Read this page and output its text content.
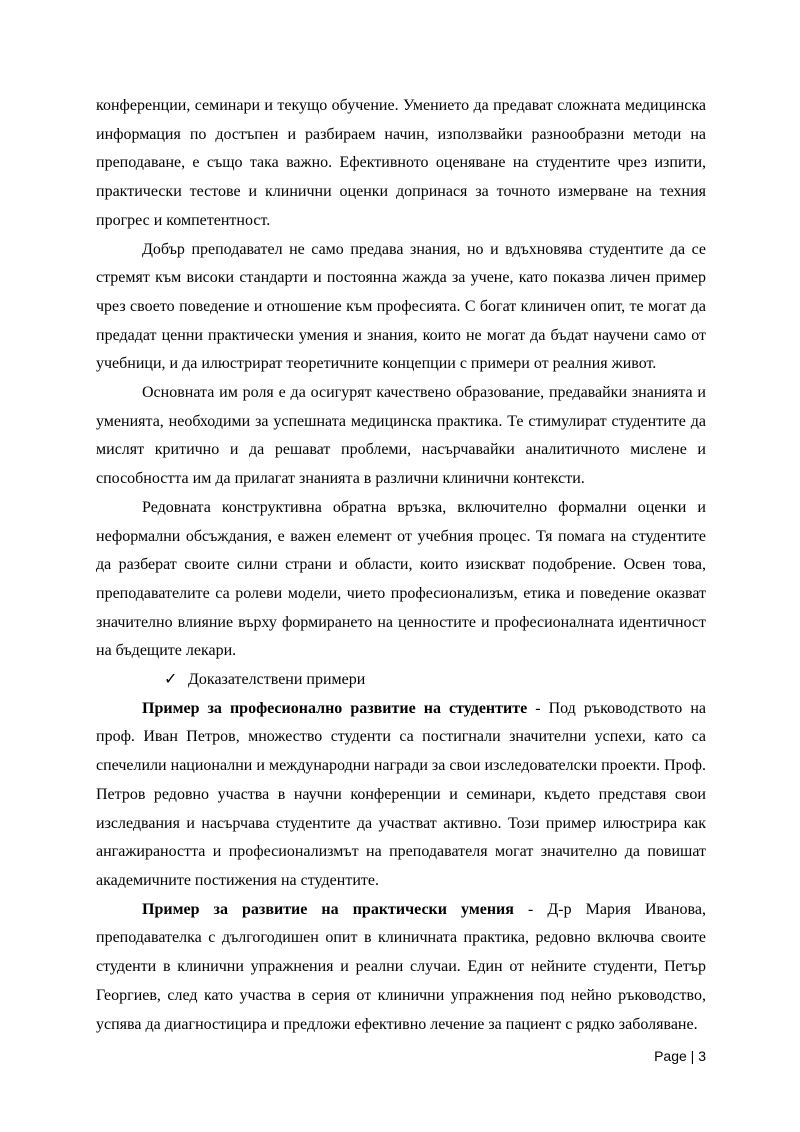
конференции, семинари и текущо обучение. Умението да предават сложната медицинска информация по достъпен и разбираем начин, използвайки разнообразни методи на преподаване, е също така важно. Ефективното оценяване на студентите чрез изпити, практически тестове и клинични оценки допринася за точното измерване на техния прогрес и компетентност.

Добър преподавател не само предава знания, но и вдъхновява студентите да се стремят към високи стандарти и постоянна жажда за учене, като показва личен пример чрез своето поведение и отношение към професията. С богат клиничен опит, те могат да предадат ценни практически умения и знания, които не могат да бъдат научени само от учебници, и да илюстрират теоретичните концепции с примери от реалния живот.

Основната им роля е да осигурят качествено образование, предавайки знанията и уменията, необходими за успешната медицинска практика. Те стимулират студентите да мислят критично и да решават проблеми, насърчавайки аналитичното мислене и способността им да прилагат знанията в различни клинични контексти.

Редовната конструктивна обратна връзка, включително формални оценки и неформални обсъждания, е важен елемент от учебния процес. Тя помага на студентите да разберат своите силни страни и области, които изискват подобрение. Освен това, преподавателите са ролеви модели, чието професионализъм, етика и поведение оказват значително влияние върху формирането на ценностите и професионалната идентичност на бъдещите лекари.

✓ Доказателствени примери

Пример за професионално развитие на студентите - Под ръководството на проф. Иван Петров, множество студенти са постигнали значителни успехи, като са спечелили национални и международни награди за свои изследователски проекти. Проф. Петров редовно участва в научни конференции и семинари, където представя свои изследвания и насърчава студентите да участват активно. Този пример илюстрира как ангажираността и професионализмът на преподавателя могат значително да повишат академичните постижения на студентите.

Пример за развитие на практически умения - Д-р Мария Иванова, преподавателка с дългогодишен опит в клиничната практика, редовно включва своите студенти в клинични упражнения и реални случаи. Един от нейните студенти, Петър Георгиев, след като участва в серия от клинични упражнения под нейно ръководство, успява да диагностицира и предложи ефективно лечение за пациент с рядко заболяване.

Page | 3
